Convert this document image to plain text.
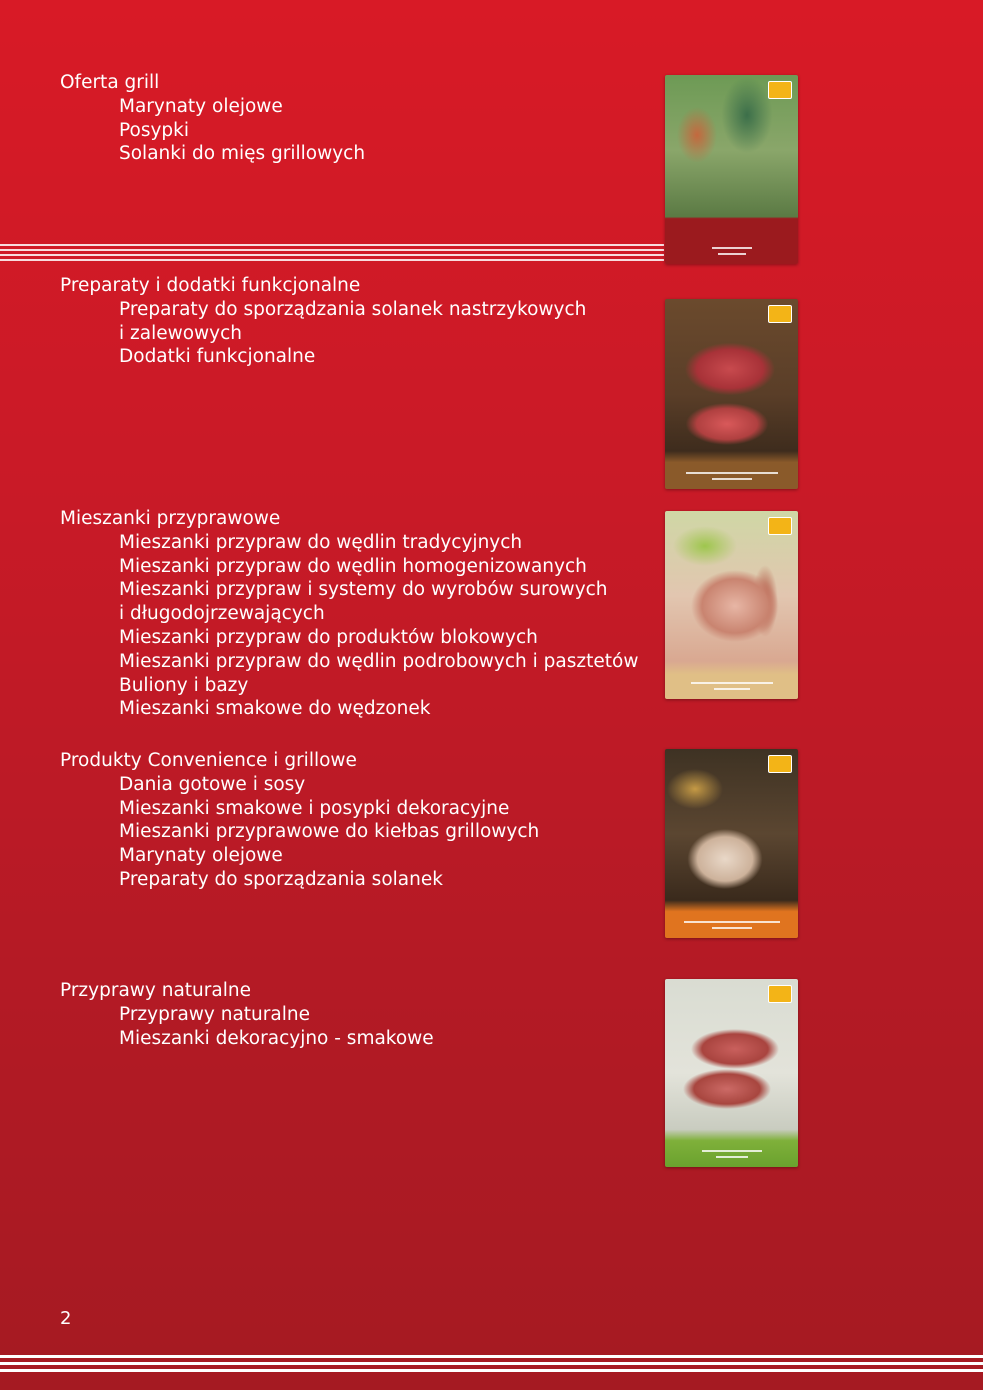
Oferta grill

Marynaty olejowe
Posypki
Solanki do mięs grillowych

Preparaty i dodatki funkcjonalne

Preparaty do sporządzania solanek nastrzykowych
i zalewowych
Dodatki funkcjonalne

Mieszanki przyprawowe

Mieszanki przypraw do wędlin tradycyjnych
Mieszanki przypraw do wędlin homogenizowanych
Mieszanki przypraw i systemy do wyrobów surowych
i długodojrzewających
Mieszanki przypraw do produktów blokowych
Mieszanki przypraw do wędlin podrobowych i pasztetów
Buliony i bazy
Mieszanki smakowe do wędzonek

Produkty Convenience i grillowe

Dania gotowe i sosy
Mieszanki smakowe i posypki dekoracyjne
Mieszanki przyprawowe do kiełbas grillowych
Marynaty olejowe
Preparaty do sporządzania solanek

Przyprawy naturalne

Przyprawy naturalne
Mieszanki dekoracyjno - smakowe
2
